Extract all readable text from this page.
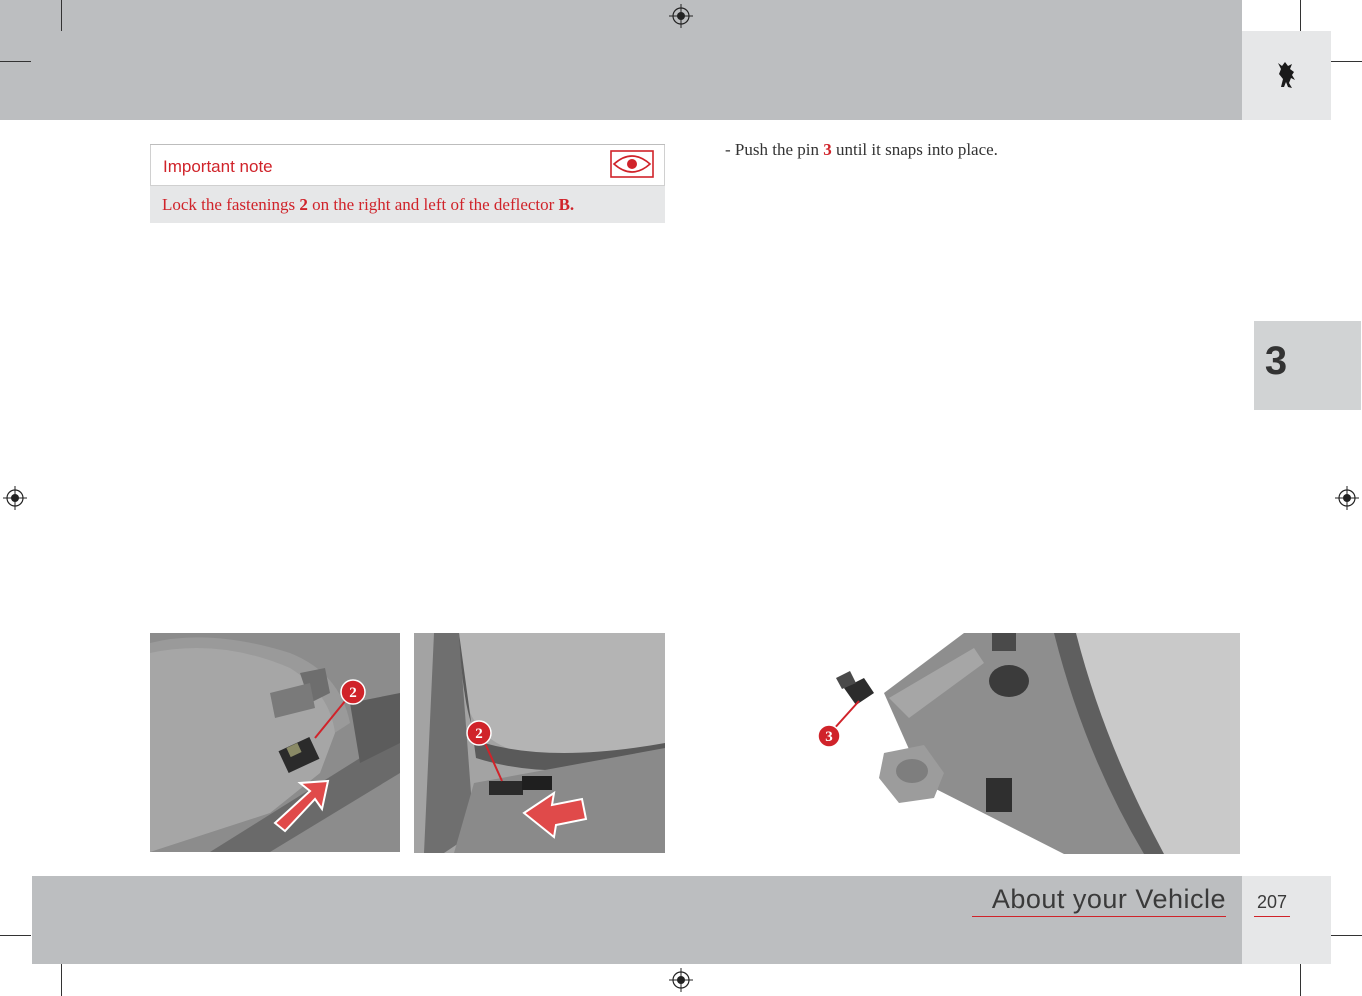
3
About your Vehicle 207
Important note
Lock the fastenings 2 on the right and left of the deflector B.
- Push the pin 3 until it snaps into place.
2
2	3
